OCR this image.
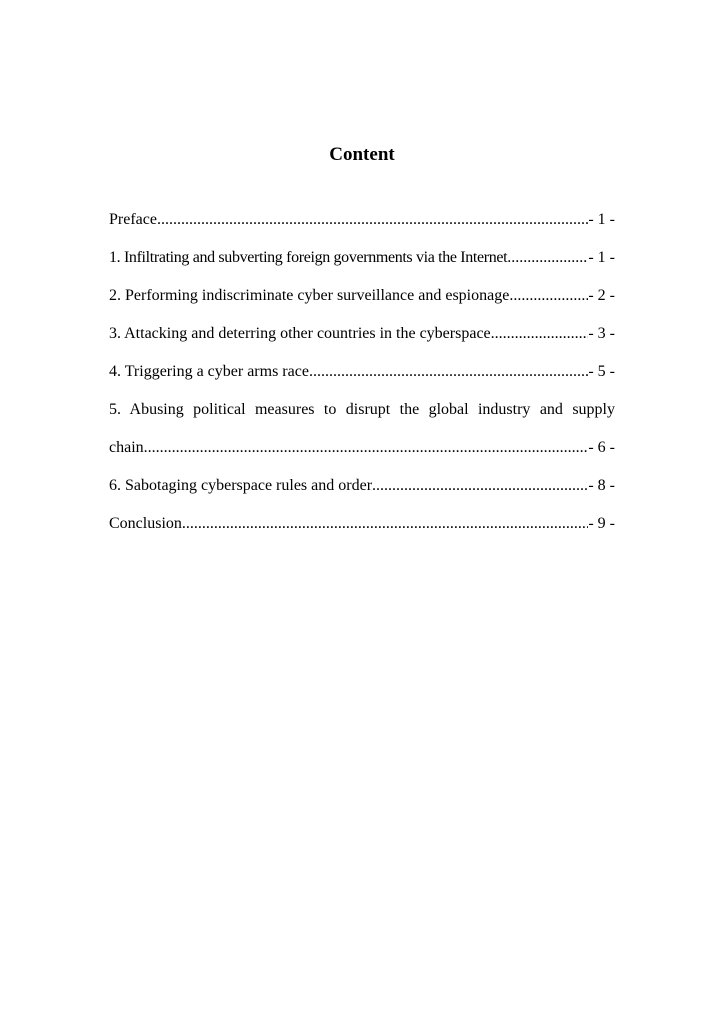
Content
Preface .....	- 1 -
1. Infiltrating and subverting foreign governments via the Internet .....	- 1 -
2. Performing indiscriminate cyber surveillance and espionage .....	- 2 -
3. Attacking and deterring other countries in the cyberspace .....	- 3 -
4. Triggering a cyber arms race .....	- 5 -
5. Abusing political measures to disrupt the global industry and supply
chain .....	- 6 -
6. Sabotaging cyberspace rules and order .....	- 8 -
Conclusion .....	- 9 -
